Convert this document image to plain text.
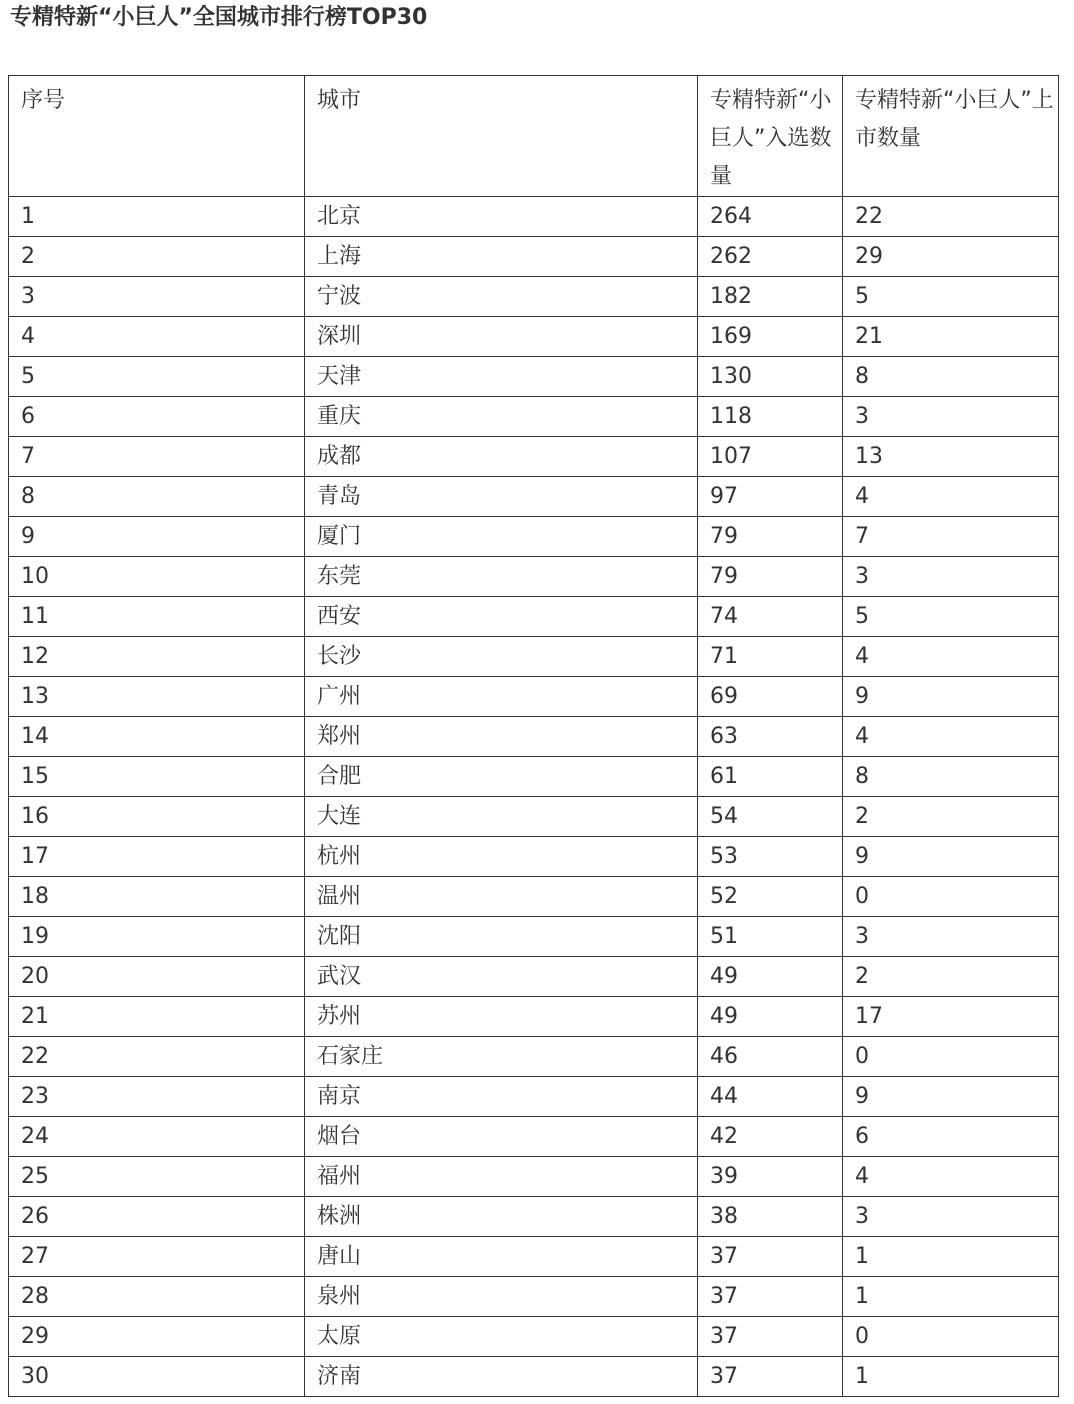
专精特新“小巨人”全国城市排行榜TOP30
序号	城市	专精特新“小巨人”入选数量	专精特新“小巨人”上市数量
1	北京	264	22
2	上海	262	29
3	宁波	182	5
4	深圳	169	21
5	天津	130	8
6	重庆	118	3
7	成都	107	13
8	青岛	97	4
9	厦门	79	7
10	东莞	79	3
11	西安	74	5
12	长沙	71	4
13	广州	69	9
14	郑州	63	4
15	合肥	61	8
16	大连	54	2
17	杭州	53	9
18	温州	52	0
19	沈阳	51	3
20	武汉	49	2
21	苏州	49	17
22	石家庄	46	0
23	南京	44	9
24	烟台	42	6
25	福州	39	4
26	株洲	38	3
27	唐山	37	1
28	泉州	37	1
29	太原	37	0
30	济南	37	1
